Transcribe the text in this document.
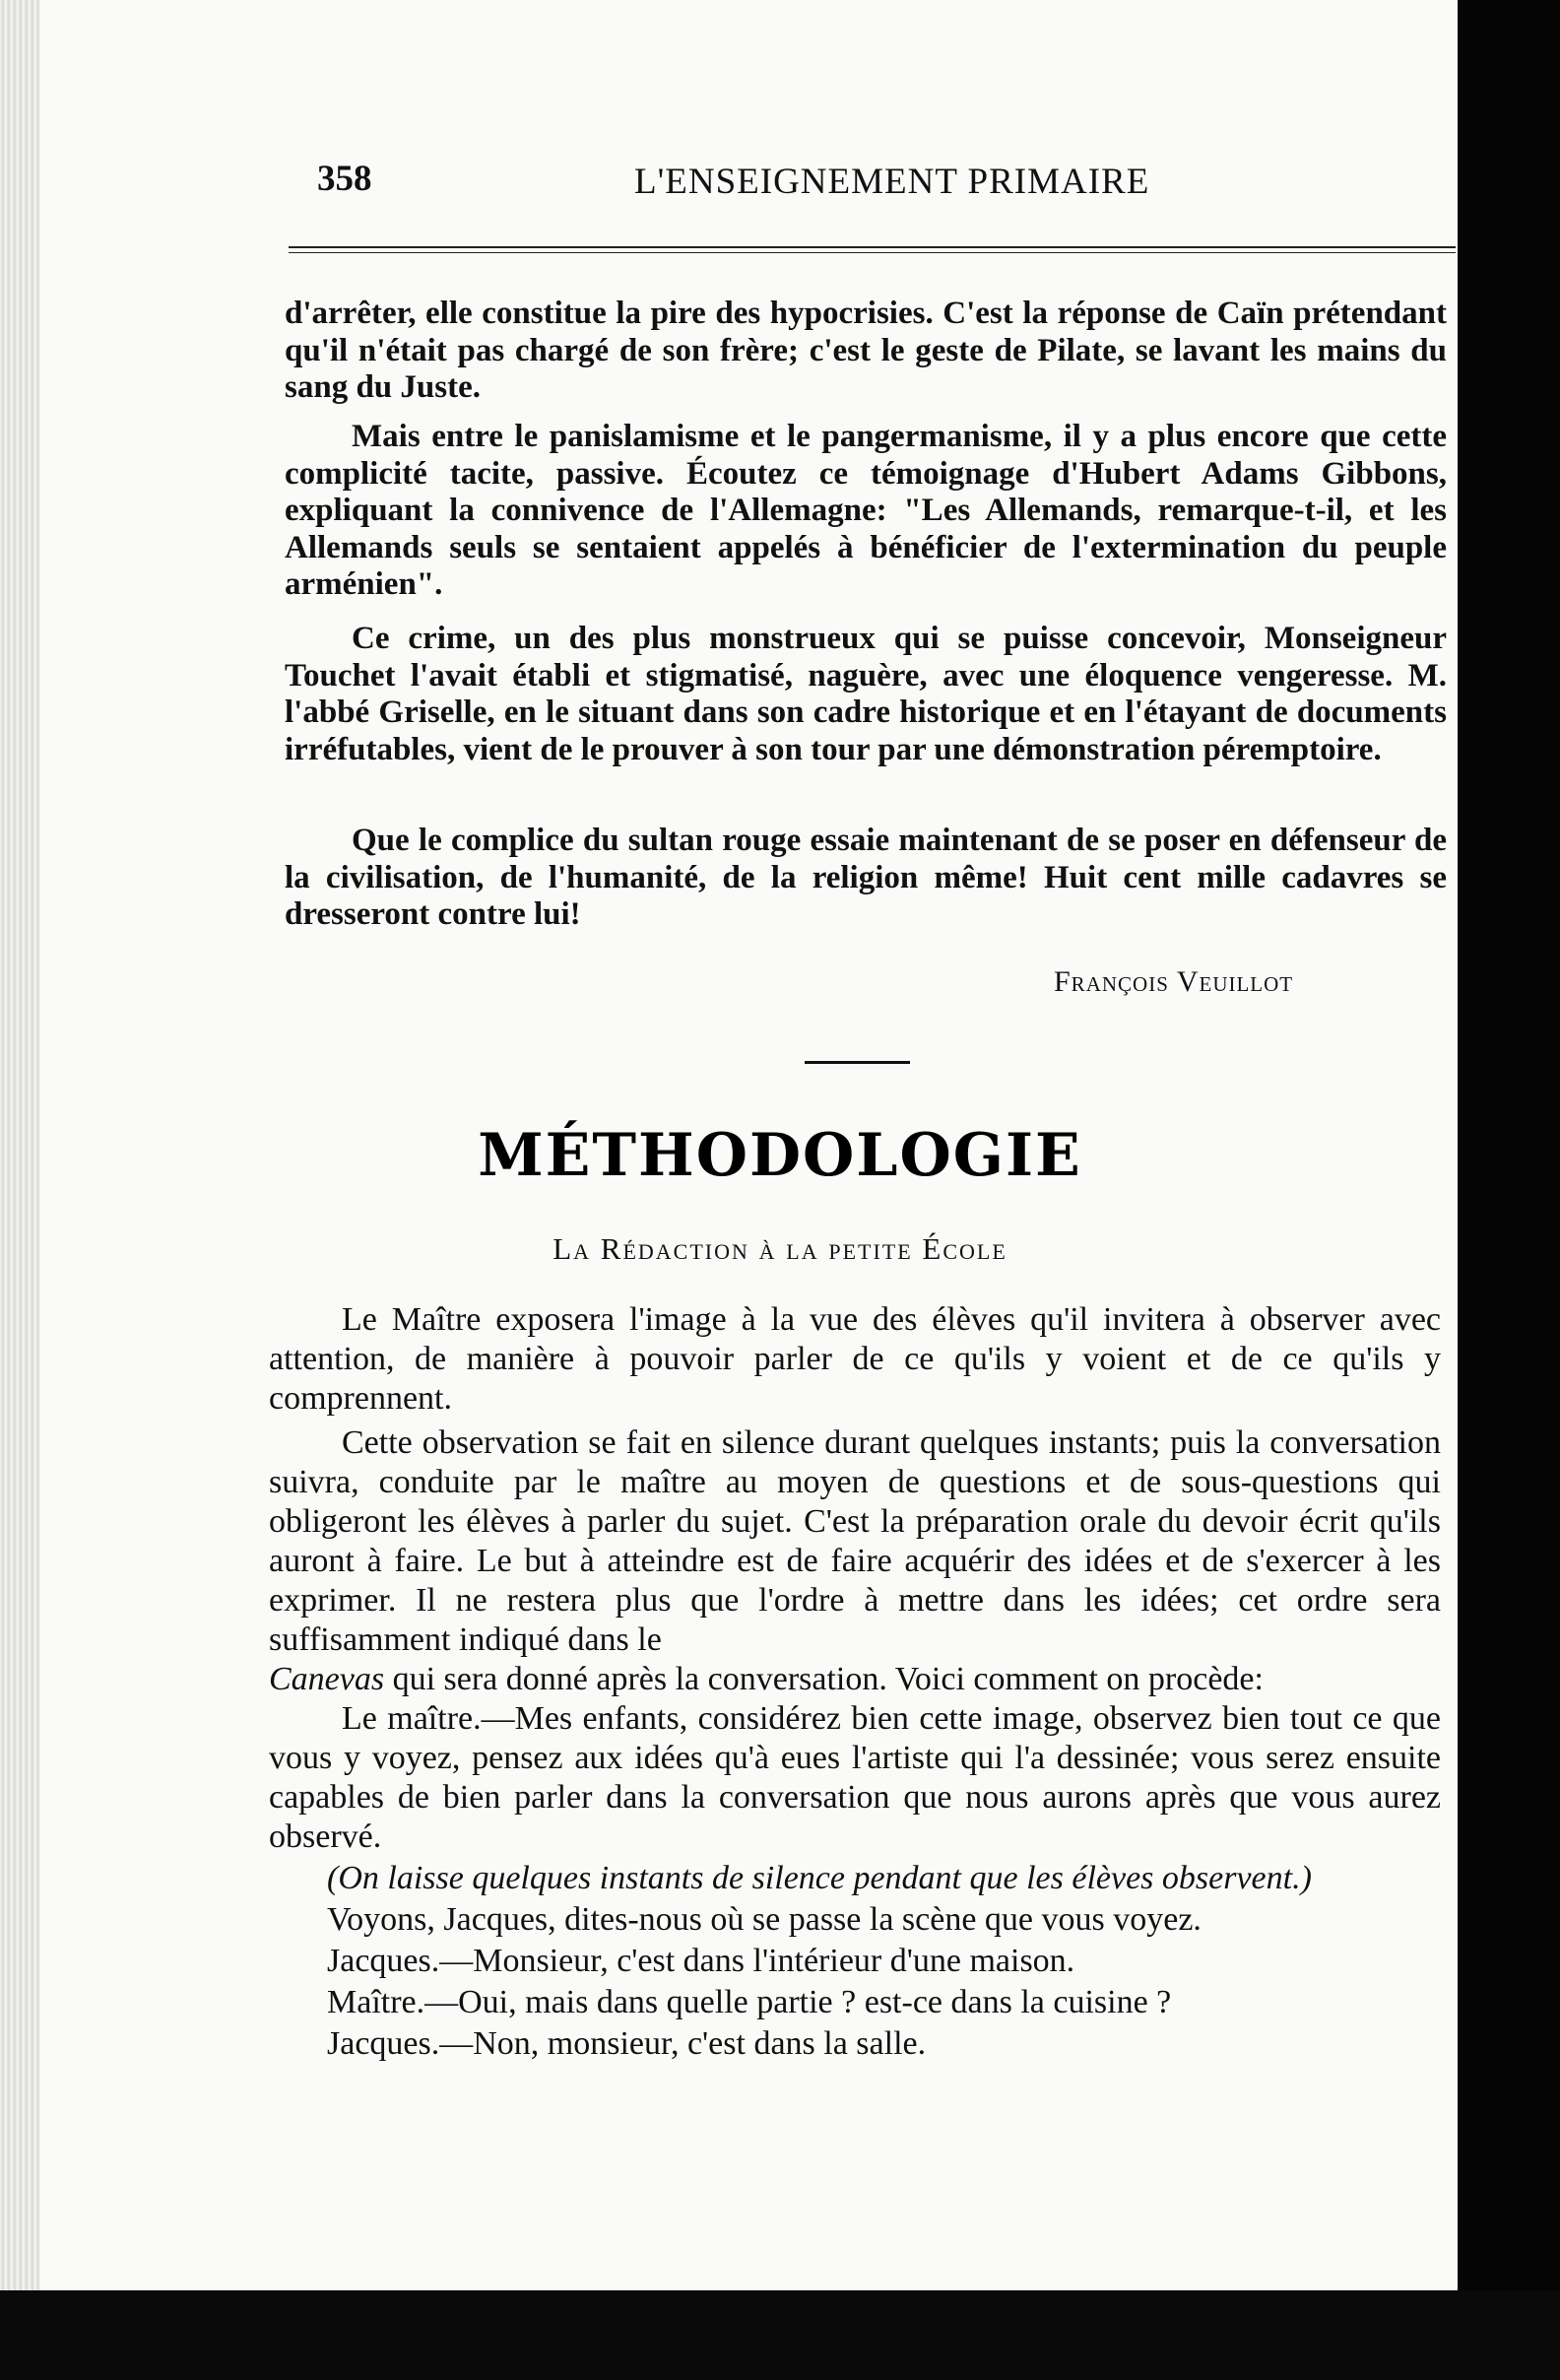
358	L'ENSEIGNEMENT PRIMAIRE

d'arrêter, elle constitue la pire des hypocrisies. C'est la réponse de Caïn prétendant qu'il n'était pas chargé de son frère; c'est le geste de Pilate, se lavant les mains du sang du Juste.

Mais entre le panislamisme et le pangermanisme, il y a plus encore que cette complicité tacite, passive. Écoutez ce témoignage d'Hubert Adams Gibbons, expliquant la connivence de l'Allemagne: "Les Allemands, remarque-t-il, et les Allemands seuls se sentaient appelés à bénéficier de l'extermination du peuple arménien".

Ce crime, un des plus monstrueux qui se puisse concevoir, Monseigneur Touchet l'avait établi et stigmatisé, naguère, avec une éloquence vengeresse. M. l'abbé Griselle, en le situant dans son cadre historique et en l'étayant de documents irréfutables, vient de le prouver à son tour par une démonstration péremptoire.

Que le complice du sultan rouge essaie maintenant de se poser en défenseur de la civilisation, de l'humanité, de la religion même! Huit cent mille cadavres se dresseront contre lui!

François Veuillot
MÉTHODOLOGIE
La Rédaction à la petite École

Le Maître exposera l'image à la vue des élèves qu'il invitera à observer avec attention, de manière à pouvoir parler de ce qu'ils y voient et de ce qu'ils y comprennent.

Cette observation se fait en silence durant quelques instants; puis la conversation suivra, conduite par le maître au moyen de questions et de sous-questions qui obligeront les élèves à parler du sujet. C'est la préparation orale du devoir écrit qu'ils auront à faire. Le but à atteindre est de faire acquérir des idées et de s'exercer à les exprimer. Il ne restera plus que l'ordre à mettre dans les idées; cet ordre sera suffisamment indiqué dans le

Canevas qui sera donné après la conversation. Voici comment on procède:

Le maître.—Mes enfants, considérez bien cette image, observez bien tout ce que vous y voyez, pensez aux idées qu'à eues l'artiste qui l'a dessinée; vous serez ensuite capables de bien parler dans la conversation que nous aurons après que vous aurez observé.

(On laisse quelques instants de silence pendant que les élèves observent.)

Voyons, Jacques, dites-nous où se passe la scène que vous voyez.

Jacques.—Monsieur, c'est dans l'intérieur d'une maison.

Maître.—Oui, mais dans quelle partie ? est-ce dans la cuisine ?

Jacques.—Non, monsieur, c'est dans la salle.
